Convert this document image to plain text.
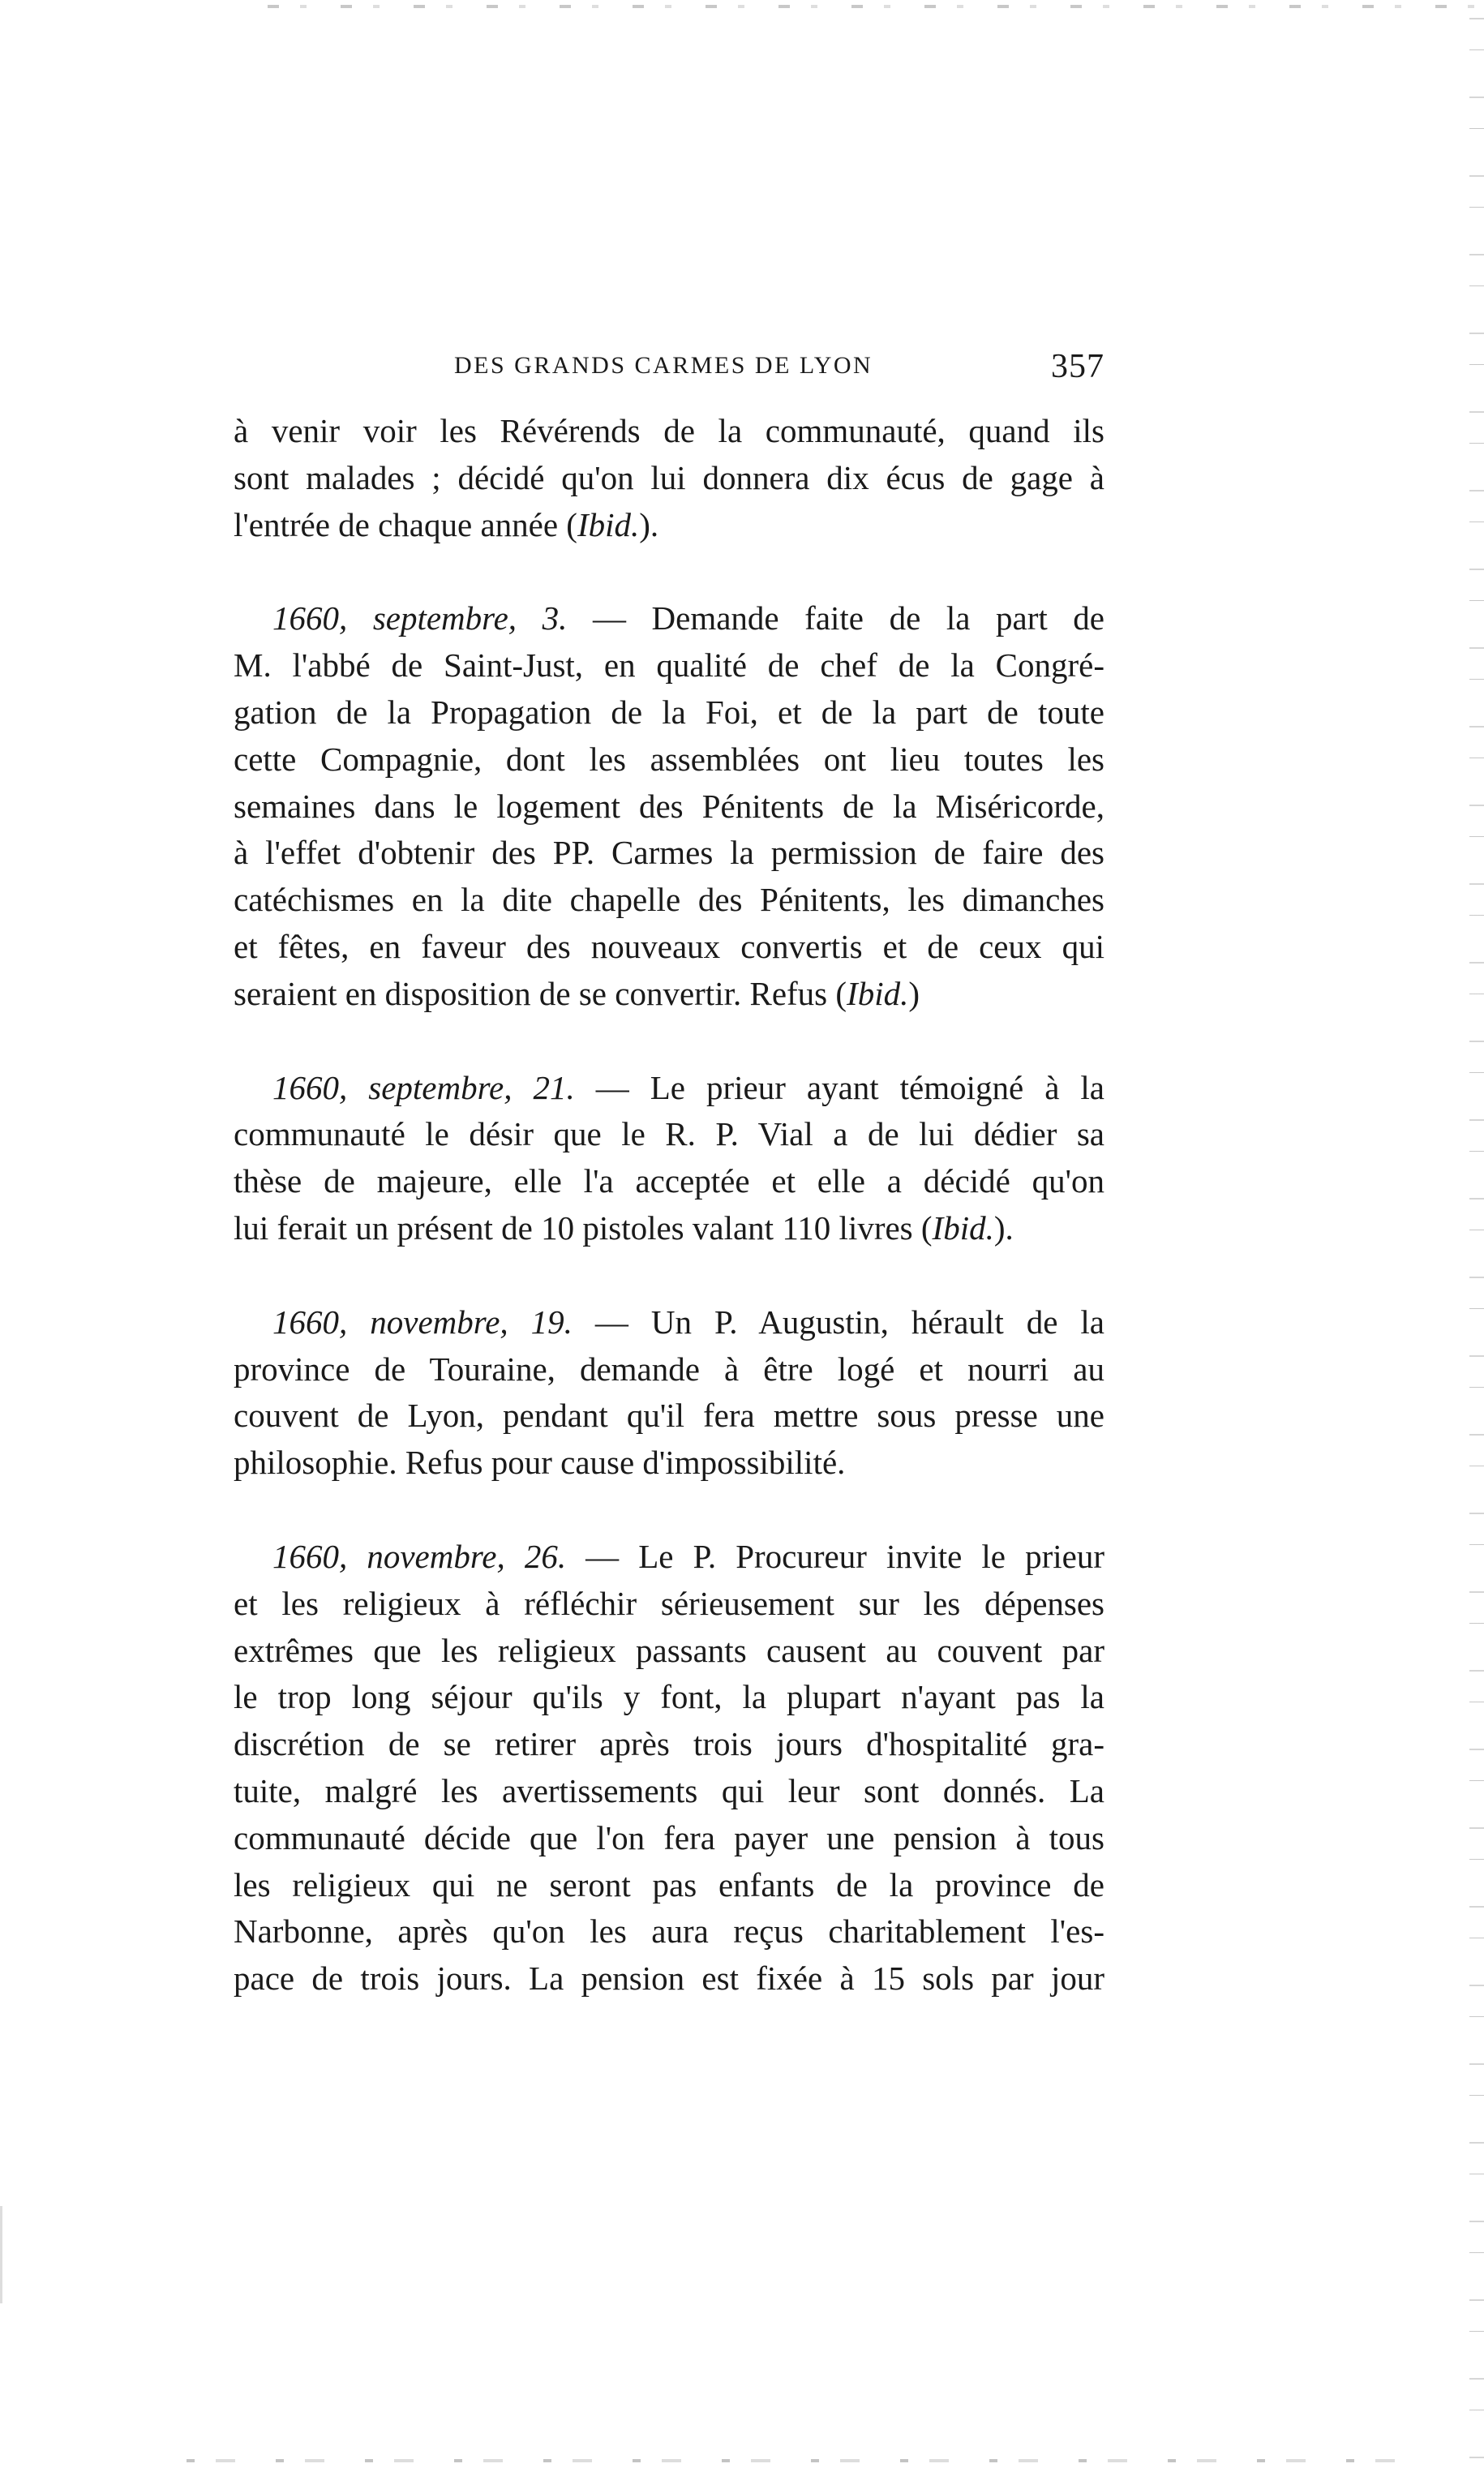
DES GRANDS CARMES DE LYON	357

à venir voir les Révérends de la communauté, quand ils
sont malades ; décidé qu'on lui donnera dix écus de gage à
l'entrée de chaque année (Ibid.).

1660, septembre, 3. — Demande faite de la part de
M. l'abbé de Saint-Just, en qualité de chef de la Congré-
gation de la Propagation de la Foi, et de la part de toute
cette Compagnie, dont les assemblées ont lieu toutes les
semaines dans le logement des Pénitents de la Miséricorde,
à l'effet d'obtenir des PP. Carmes la permission de faire des
catéchismes en la dite chapelle des Pénitents, les dimanches
et fêtes, en faveur des nouveaux convertis et de ceux qui
seraient en disposition de se convertir. Refus (Ibid.)

1660, septembre, 21. — Le prieur ayant témoigné à la
communauté le désir que le R. P. Vial a de lui dédier sa
thèse de majeure, elle l'a acceptée et elle a décidé qu'on
lui ferait un présent de 10 pistoles valant 110 livres (Ibid.).

1660, novembre, 19. — Un P. Augustin, hérault de la
province de Touraine, demande à être logé et nourri au
couvent de Lyon, pendant qu'il fera mettre sous presse une
philosophie. Refus pour cause d'impossibilité.

1660, novembre, 26. — Le P. Procureur invite le prieur
et les religieux à réfléchir sérieusement sur les dépenses
extrêmes que les religieux passants causent au couvent par
le trop long séjour qu'ils y font, la plupart n'ayant pas la
discrétion de se retirer après trois jours d'hospitalité gra-
tuite, malgré les avertissements qui leur sont donnés. La
communauté décide que l'on fera payer une pension à tous
les religieux qui ne seront pas enfants de la province de
Narbonne, après qu'on les aura reçus charitablement l'es-
pace de trois jours. La pension est fixée à 15 sols par jour
